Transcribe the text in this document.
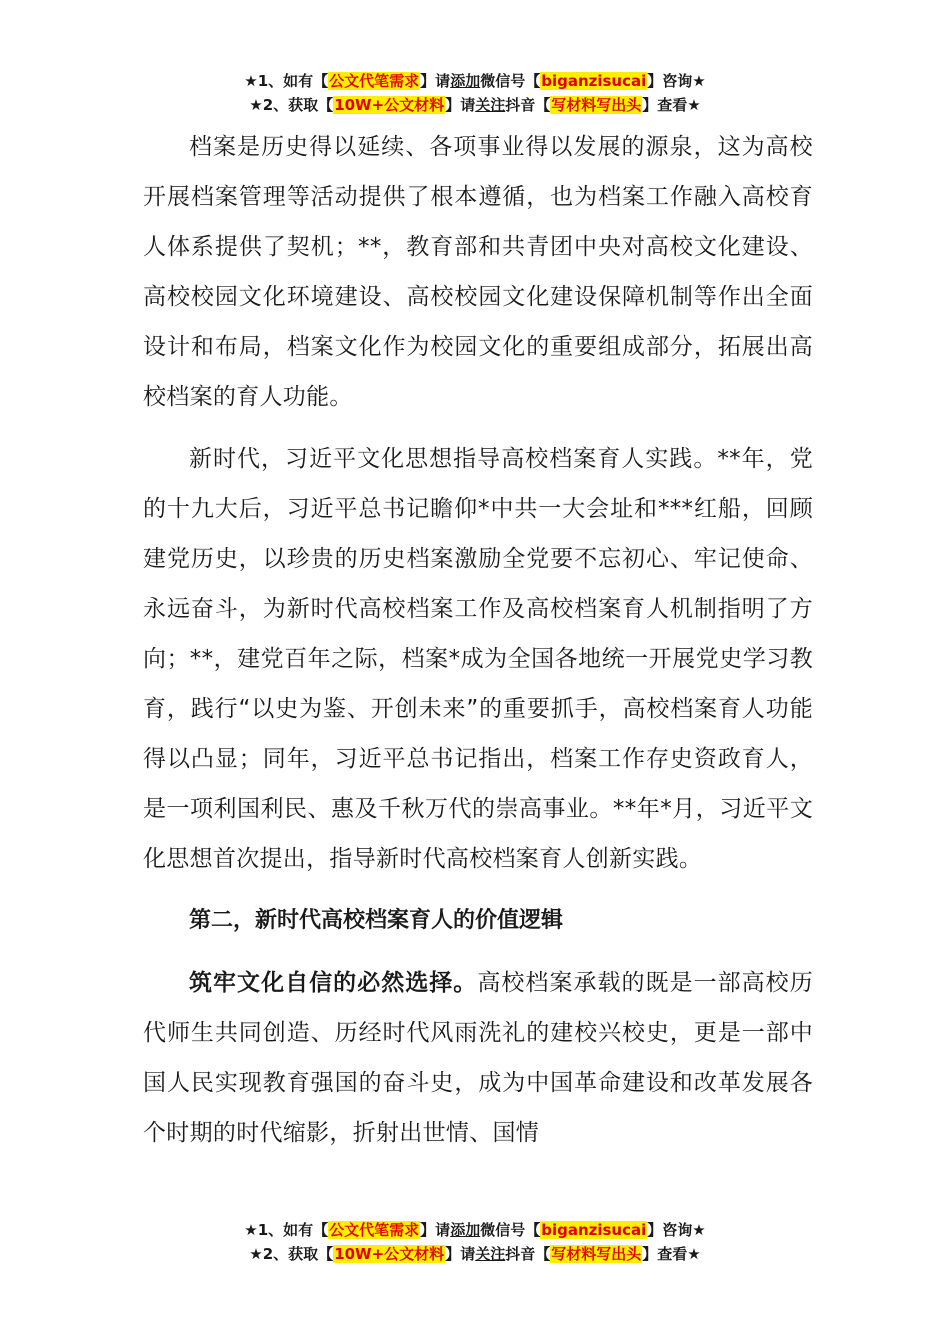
★1、如有【公文代笔需求】请添加微信号【biganzisucai】咨询★
★2、获取【10W+公文材料】请关注抖音【写材料写出头】查看★

档案是历史得以延续、各项事业得以发展的源泉，这为高校开展档案管理等活动提供了根本遵循，也为档案工作融入高校育人体系提供了契机；**，教育部和共青团中央对高校文化建设、高校校园文化环境建设、高校校园文化建设保障机制等作出全面设计和布局，档案文化作为校园文化的重要组成部分，拓展出高校档案的育人功能。

新时代，习近平文化思想指导高校档案育人实践。**年，党的十九大后，习近平总书记瞻仰*中共一大会址和***红船，回顾建党历史，以珍贵的历史档案激励全党要不忘初心、牢记使命、永远奋斗，为新时代高校档案工作及高校档案育人机制指明了方向；**，建党百年之际，档案*成为全国各地统一开展党史学习教育，践行“以史为鉴、开创未来”的重要抓手，高校档案育人功能得以凸显；同年，习近平总书记指出，档案工作存史资政育人，是一项利国利民、惠及千秋万代的崇高事业。**年*月，习近平文化思想首次提出，指导新时代高校档案育人创新实践。

第二，新时代高校档案育人的价值逻辑

筑牢文化自信的必然选择。高校档案承载的既是一部高校历代师生共同创造、历经时代风雨洗礼的建校兴校史，更是一部中国人民实现教育强国的奋斗史，成为中国革命建设和改革发展各个时期的时代缩影，折射出世情、国情

★1、如有【公文代笔需求】请添加微信号【biganzisucai】咨询★
★2、获取【10W+公文材料】请关注抖音【写材料写出头】查看★
